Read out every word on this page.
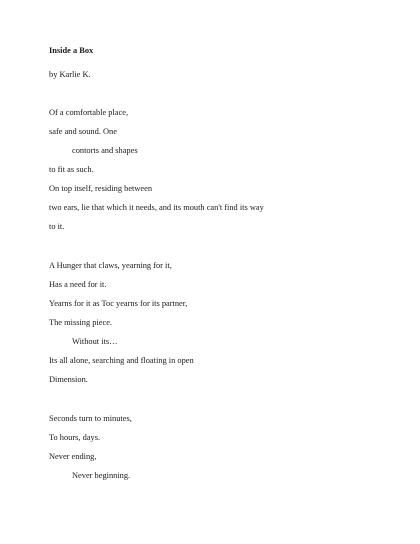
Inside a Box
by Karlie K.
Of a comfortable place,
safe and sound. One
contorts and shapes
to fit as such.
On top itself, residing between
two ears, lie that which it needs, and its mouth can't find its way
to it.
A Hunger that claws, yearning for it,
Has a need for it.
Yearns for it as Toc yearns for its partner,
The missing piece.
Without its…
Its all alone, searching and floating in open
Dimension.
Seconds turn to minutes,
To hours, days.
Never ending,
Never beginning.
